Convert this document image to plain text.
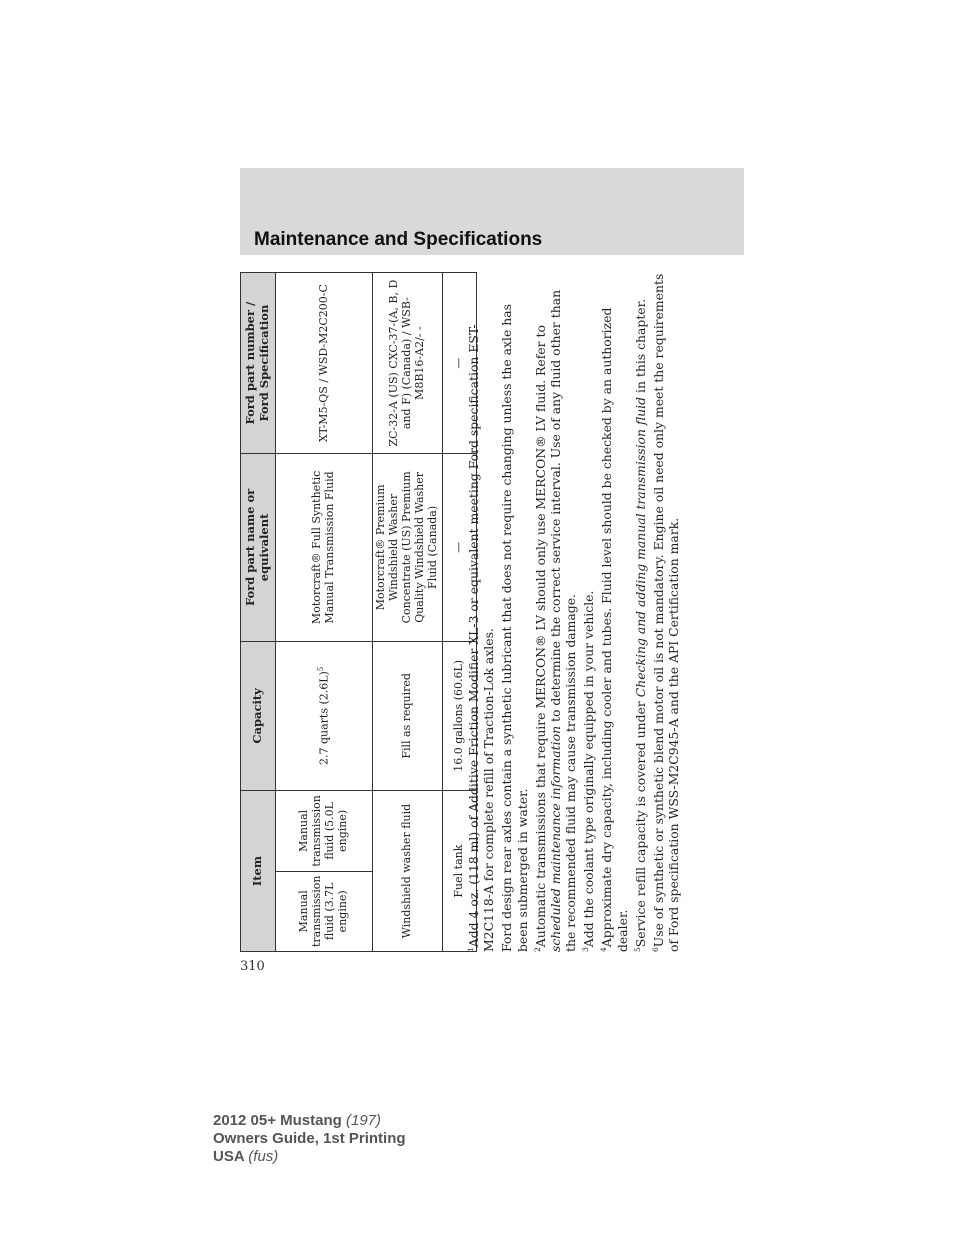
Maintenance and Specifications
Item		Capacity	Ford part name or equivalent	Ford part number /
Ford Specification
Manual transmission fluid (3.7L engine)	Manual transmission fluid (5.0L engine)	2.7 quarts $(2.6L)^5$	Motorcraft® Full Synthetic Manual Transmission Fluid	XT-M5-QS / WSD-M2C200-C
Windshield washer fluid		Fill as required	Motorcraft® Premium Windshield Washer Concentrate (US) Premium Quality Windshield Washer Fluid (Canada)	ZC-32-A (US) CXC-37-(A, B, D and F) (Canada) / WSB-M8B16-A2/- -
Fuel tank		16.0 gallons (60.6L)	—	—

$^1$Add 4 oz. (118 ml) of Additive Friction Modifier XL-3 or equivalent meeting Ford specification EST-M2C118-A for complete refill of Traction-Lok axles. Ford design rear axles contain a synthetic lubricant that does not require changing unless the axle has been submerged in water. $^2$Automatic transmissions that require MERCON® LV should only use MERCON® LV fluid. Refer to scheduled maintenance information to determine the correct service interval. Use of any fluid other than the recommended fluid may cause transmission damage. $^3$Add the coolant type originally equipped in your vehicle.

$^4$Approximate dry capacity, including cooler and tubes. Fluid level should be checked by an authorized dealer. $^5$Service refill capacity is covered under Checking and adding manual transmission fluid in this chapter.

$^6$Use of synthetic or synthetic blend motor oil is not mandatory. Engine oil need only meet the requirements of Ford specification WSS-M2C945-A and the API Certification mark.

310
2012 05+ Mustang (197)
Owners Guide, 1st Printing
USA (fus)
